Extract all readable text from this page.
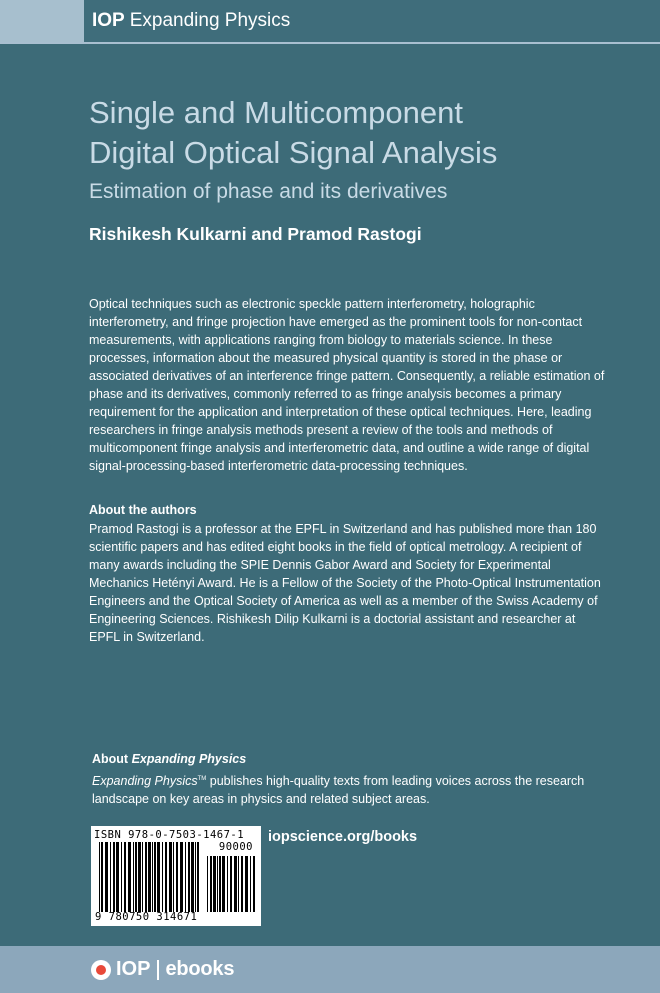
IOP Expanding Physics
Single and Multicomponent
Digital Optical Signal Analysis
Estimation of phase and its derivatives
Rishikesh Kulkarni and Pramod Rastogi
Optical techniques such as electronic speckle pattern interferometry, holographic interferometry, and fringe projection have emerged as the prominent tools for non-contact measurements, with applications ranging from biology to materials science. In these processes, information about the measured physical quantity is stored in the phase or associated derivatives of an interference fringe pattern. Consequently, a reliable estimation of phase and its derivatives, commonly referred to as fringe analysis becomes a primary requirement for the application and interpretation of these optical techniques. Here, leading researchers in fringe analysis methods present a review of the tools and methods of multicomponent fringe analysis and interferometric data, and outline a wide range of digital signal-processing-based interferometric data-processing techniques.
About the authors
Pramod Rastogi is a professor at the EPFL in Switzerland and has published more than 180 scientific papers and has edited eight books in the field of optical metrology. A recipient of many awards including the SPIE Dennis Gabor Award and Society for Experimental Mechanics Hetényi Award. He is a Fellow of the Society of the Photo-Optical Instrumentation Engineers and the Optical Society of America as well as a member of the Swiss Academy of Engineering Sciences. Rishikesh Dilip Kulkarni is a doctorial assistant and researcher at EPFL in Switzerland.
About Expanding Physics
Expanding Physics™ publishes high-quality texts from leading voices across the research landscape on key areas in physics and related subject areas.
ISBN 978-0-7503-1467-1
90000
9 780750 314671
iopscience.org/books
IOP ebooks
